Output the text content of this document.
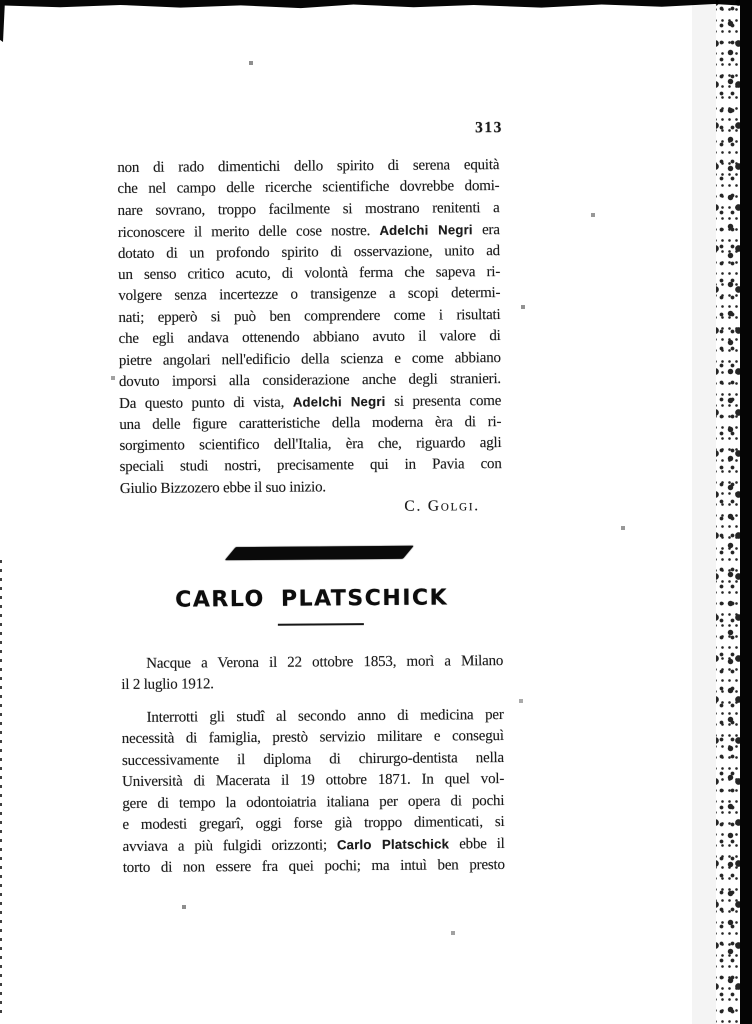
313
non di rado dimentichi dello spirito di serena equità
che nel campo delle ricerche scientifiche dovrebbe domi-
nare sovrano, troppo facilmente si mostrano renitenti a
riconoscere il merito delle cose nostre. Adelchi Negri era
dotato di un profondo spirito di osservazione, unito ad
un senso critico acuto, di volontà ferma che sapeva ri-
volgere senza incertezze o transigenze a scopi determi-
nati; epperò si può ben comprendere come i risultati
che egli andava ottenendo abbiano avuto il valore di
pietre angolari nell'edificio della scienza e come abbiano
dovuto imporsi alla considerazione anche degli stranieri.
Da questo punto di vista, Adelchi Negri si presenta come
una delle figure caratteristiche della moderna èra di ri-
sorgimento scientifico dell'Italia, èra che, riguardo agli
speciali studi nostri, precisamente qui in Pavia con
Giulio Bizzozero ebbe il suo inizio.
C. Golgi.
CARLO PLATSCHICK
Nacque a Verona il 22 ottobre 1853, morì a Milano
il 2 luglio 1912.
Interrotti gli studî al secondo anno di medicina per
necessità di famiglia, prestò servizio militare e conseguì
successivamente il diploma di chirurgo-dentista nella
Università di Macerata il 19 ottobre 1871. In quel vol-
gere di tempo la odontoiatria italiana per opera di pochi
e modesti gregarî, oggi forse già troppo dimenticati, si
avviava a più fulgidi orizzonti; Carlo Platschick ebbe il
torto di non essere fra quei pochi; ma intuì ben presto
